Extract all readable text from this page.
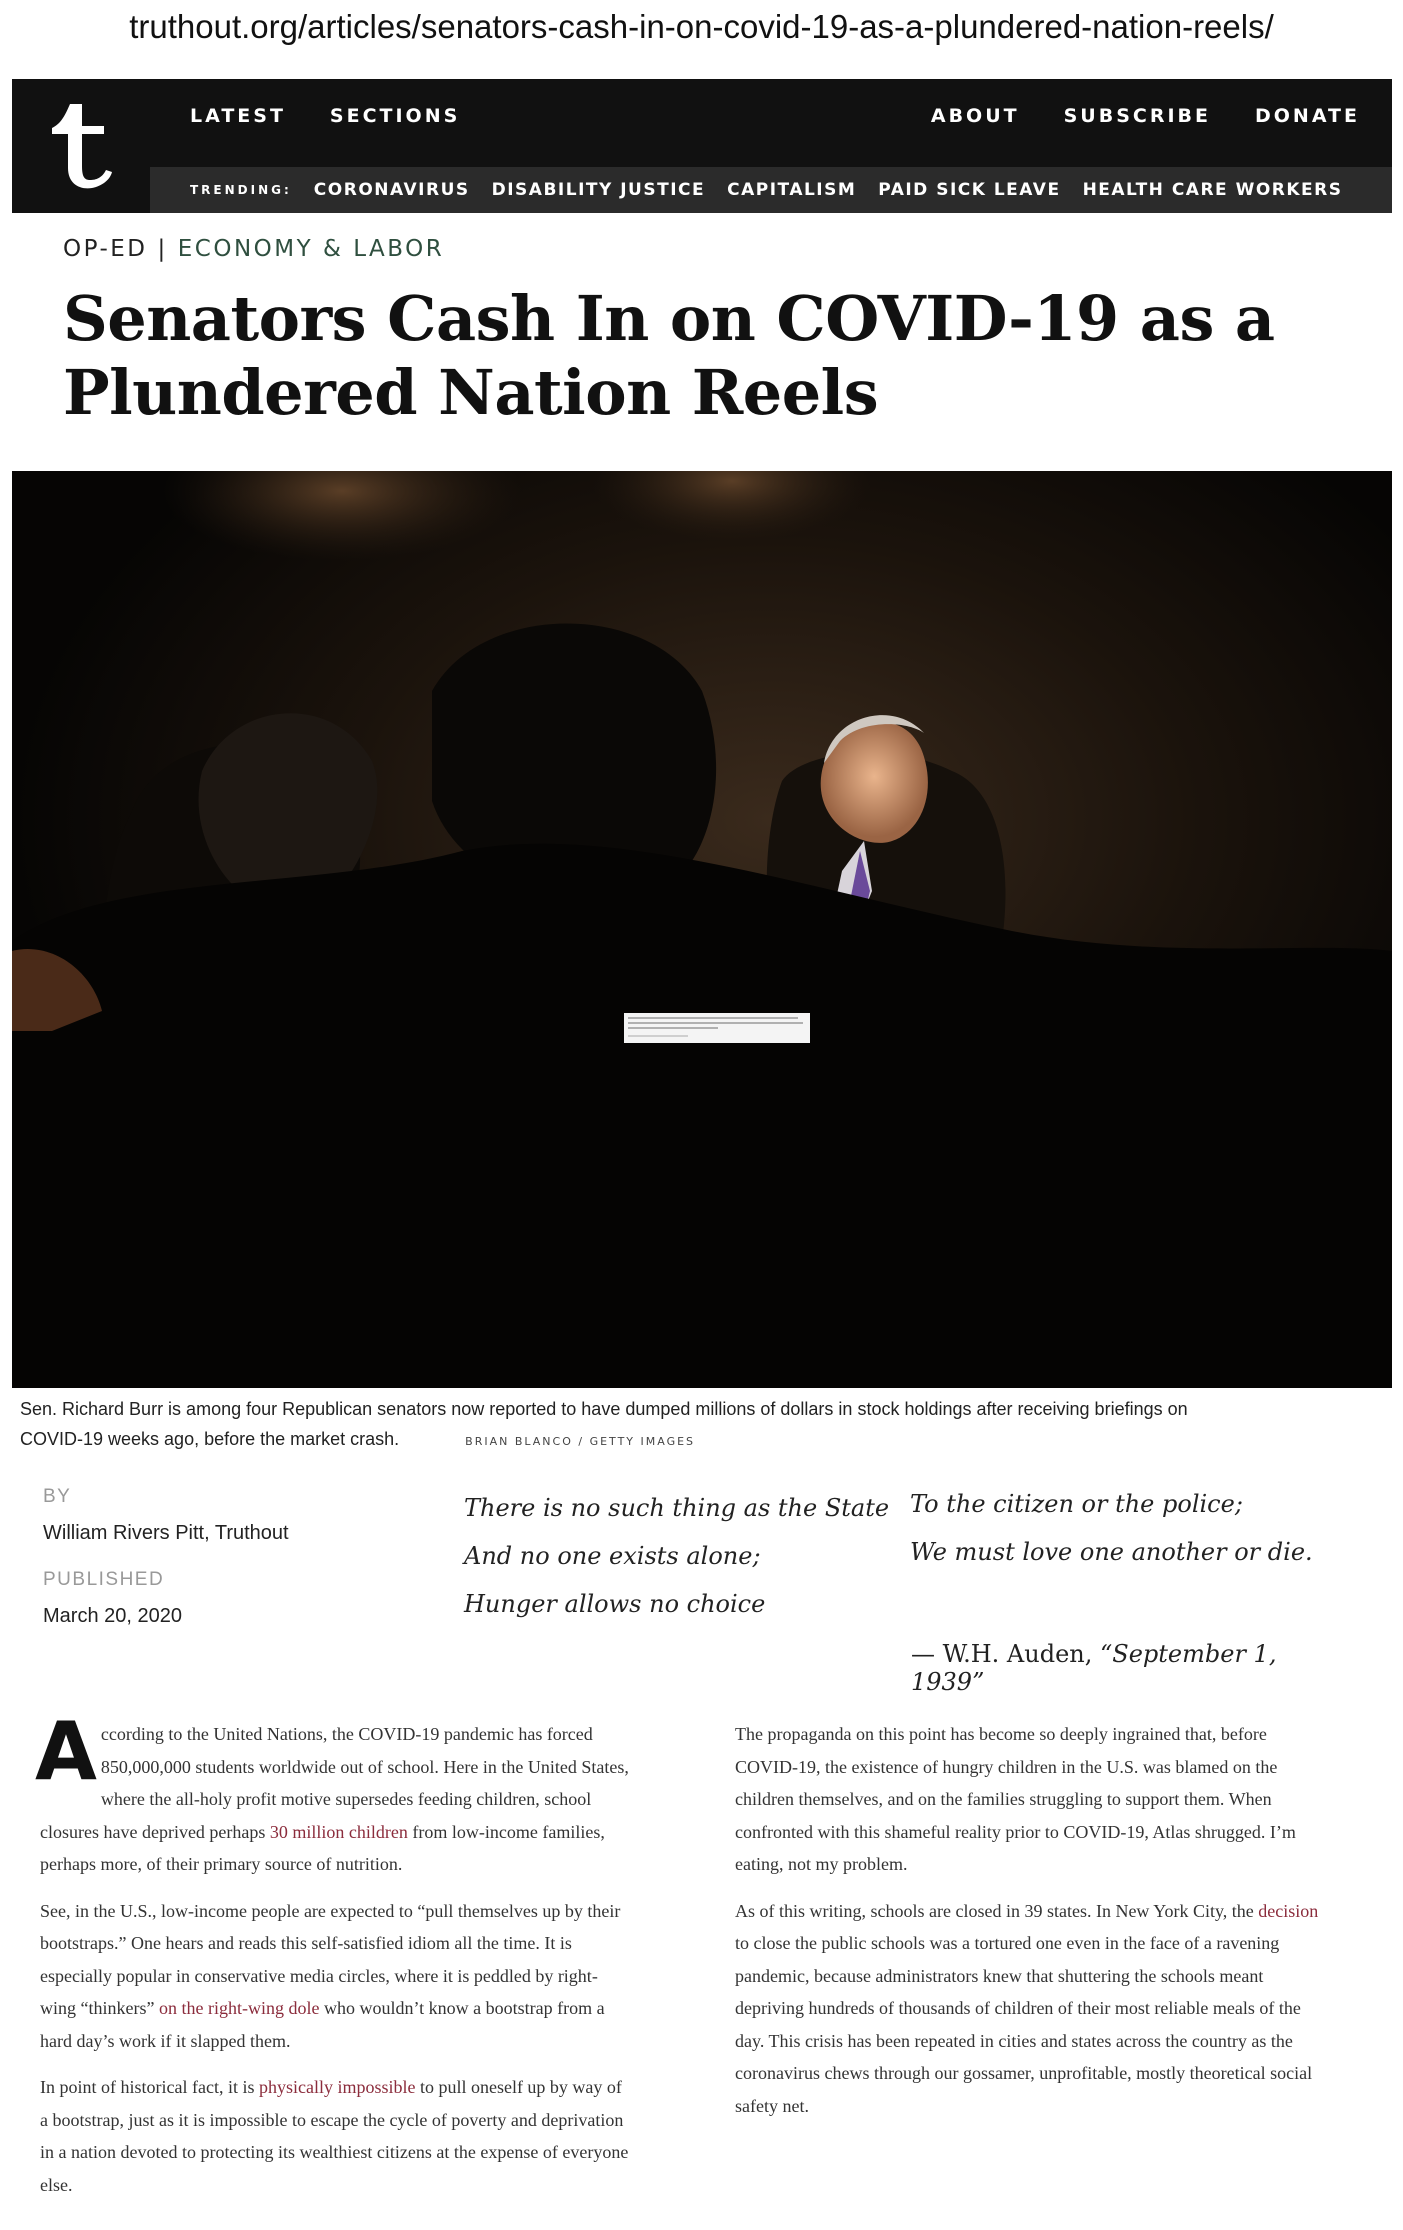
truthout.org/articles/senators-cash-in-on-covid-19-as-a-plundered-nation-reels/
LATEST SECTIONS	ABOUT SUBSCRIBE DONATE
TRENDING: CORONAVIRUS DISABILITY JUSTICE CAPITALISM PAID SICK LEAVE HEALTH CARE WORKERS
OP-ED | ECONOMY & LABOR
Senators Cash In on COVID-19 as a
Plundered Nation Reels
Sen. Richard Burr is among four Republican senators now reported to have dumped millions of dollars in stock holdings after receiving briefings on
COVID-19 weeks ago, before the market crash.	BRIAN BLANCO / GETTY IMAGES
BY
William Rivers Pitt, Truthout
PUBLISHED
March 20, 2020
There is no such thing as the State
And no one exists alone;
Hunger allows no choice
To the citizen or the police;
We must love one another or die.
— W.H. Auden, “September 1, 1939”

According to the United Nations, the COVID-19 pandemic has forced 850,000,000 students worldwide out of school. Here in the United States, where the all-holy profit motive supersedes feeding children, school closures have deprived perhaps 30 million children from low-income families, perhaps more, of their primary source of nutrition.

See, in the U.S., low-income people are expected to “pull themselves up by their bootstraps.” One hears and reads this self-satisfied idiom all the time. It is especially popular in conservative media circles, where it is peddled by right-wing “thinkers” on the right-wing dole who wouldn’t know a bootstrap from a hard day’s work if it slapped them.

In point of historical fact, it is physically impossible to pull oneself up by way of a bootstrap, just as it is impossible to escape the cycle of poverty and deprivation in a nation devoted to protecting its wealthiest citizens at the expense of everyone else.

The propaganda on this point has become so deeply ingrained that, before COVID-19, the existence of hungry children in the U.S. was blamed on the children themselves, and on the families struggling to support them. When confronted with this shameful reality prior to COVID-19, Atlas shrugged. I’m eating, not my problem.

As of this writing, schools are closed in 39 states. In New York City, the decision to close the public schools was a tortured one even in the face of a ravening pandemic, because administrators knew that shuttering the schools meant depriving hundreds of thousands of children of their most reliable meals of the day. This crisis has been repeated in cities and states across the country as the coronavirus chews through our gossamer, unprofitable, mostly theoretical social safety net.
